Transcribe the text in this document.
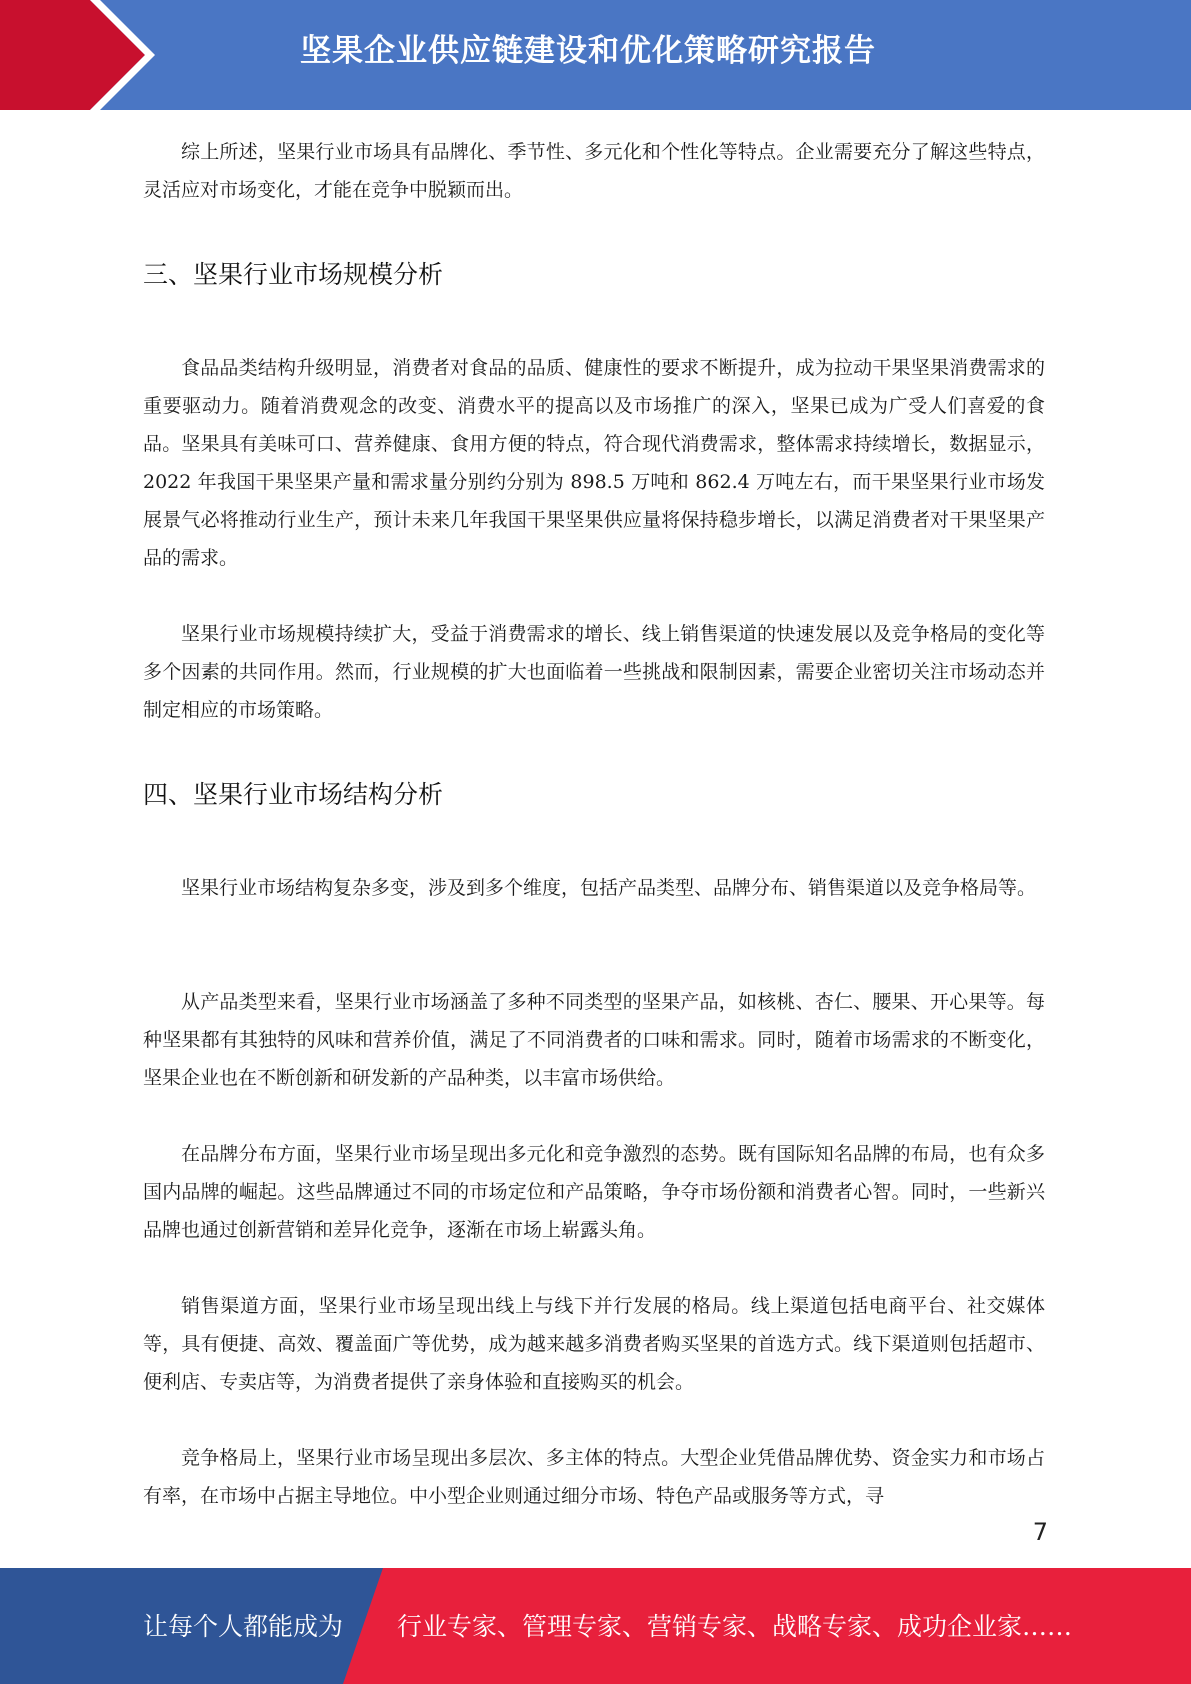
坚果企业供应链建设和优化策略研究报告

综上所述，坚果行业市场具有品牌化、季节性、多元化和个性化等特点。企业需要充分了解这些特点，灵活应对市场变化，才能在竞争中脱颖而出。

三、坚果行业市场规模分析

食品品类结构升级明显，消费者对食品的品质、健康性的要求不断提升，成为拉动干果坚果消费需求的重要驱动力。随着消费观念的改变、消费水平的提高以及市场推广的深入，坚果已成为广受人们喜爱的食品。坚果具有美味可口、营养健康、食用方便的特点，符合现代消费需求，整体需求持续增长，数据显示，2022 年我国干果坚果产量和需求量分别约分别为 898.5 万吨和 862.4 万吨左右，而干果坚果行业市场发展景气必将推动行业生产，预计未来几年我国干果坚果供应量将保持稳步增长，以满足消费者对干果坚果产品的需求。

坚果行业市场规模持续扩大，受益于消费需求的增长、线上销售渠道的快速发展以及竞争格局的变化等多个因素的共同作用。然而，行业规模的扩大也面临着一些挑战和限制因素，需要企业密切关注市场动态并制定相应的市场策略。

四、坚果行业市场结构分析

坚果行业市场结构复杂多变，涉及到多个维度，包括产品类型、品牌分布、销售渠道以及竞争格局等。

从产品类型来看，坚果行业市场涵盖了多种不同类型的坚果产品，如核桃、杏仁、腰果、开心果等。每种坚果都有其独特的风味和营养价值，满足了不同消费者的口味和需求。同时，随着市场需求的不断变化，坚果企业也在不断创新和研发新的产品种类，以丰富市场供给。

在品牌分布方面，坚果行业市场呈现出多元化和竞争激烈的态势。既有国际知名品牌的布局，也有众多国内品牌的崛起。这些品牌通过不同的市场定位和产品策略，争夺市场份额和消费者心智。同时，一些新兴品牌也通过创新营销和差异化竞争，逐渐在市场上崭露头角。

销售渠道方面，坚果行业市场呈现出线上与线下并行发展的格局。线上渠道包括电商平台、社交媒体等，具有便捷、高效、覆盖面广等优势，成为越来越多消费者购买坚果的首选方式。线下渠道则包括超市、便利店、专卖店等，为消费者提供了亲身体验和直接购买的机会。

竞争格局上，坚果行业市场呈现出多层次、多主体的特点。大型企业凭借品牌优势、资金实力和市场占有率，在市场中占据主导地位。中小型企业则通过细分市场、特色产品或服务等方式，寻

7
让每个人都能成为 行业专家、管理专家、营销专家、战略专家、成功企业家……
